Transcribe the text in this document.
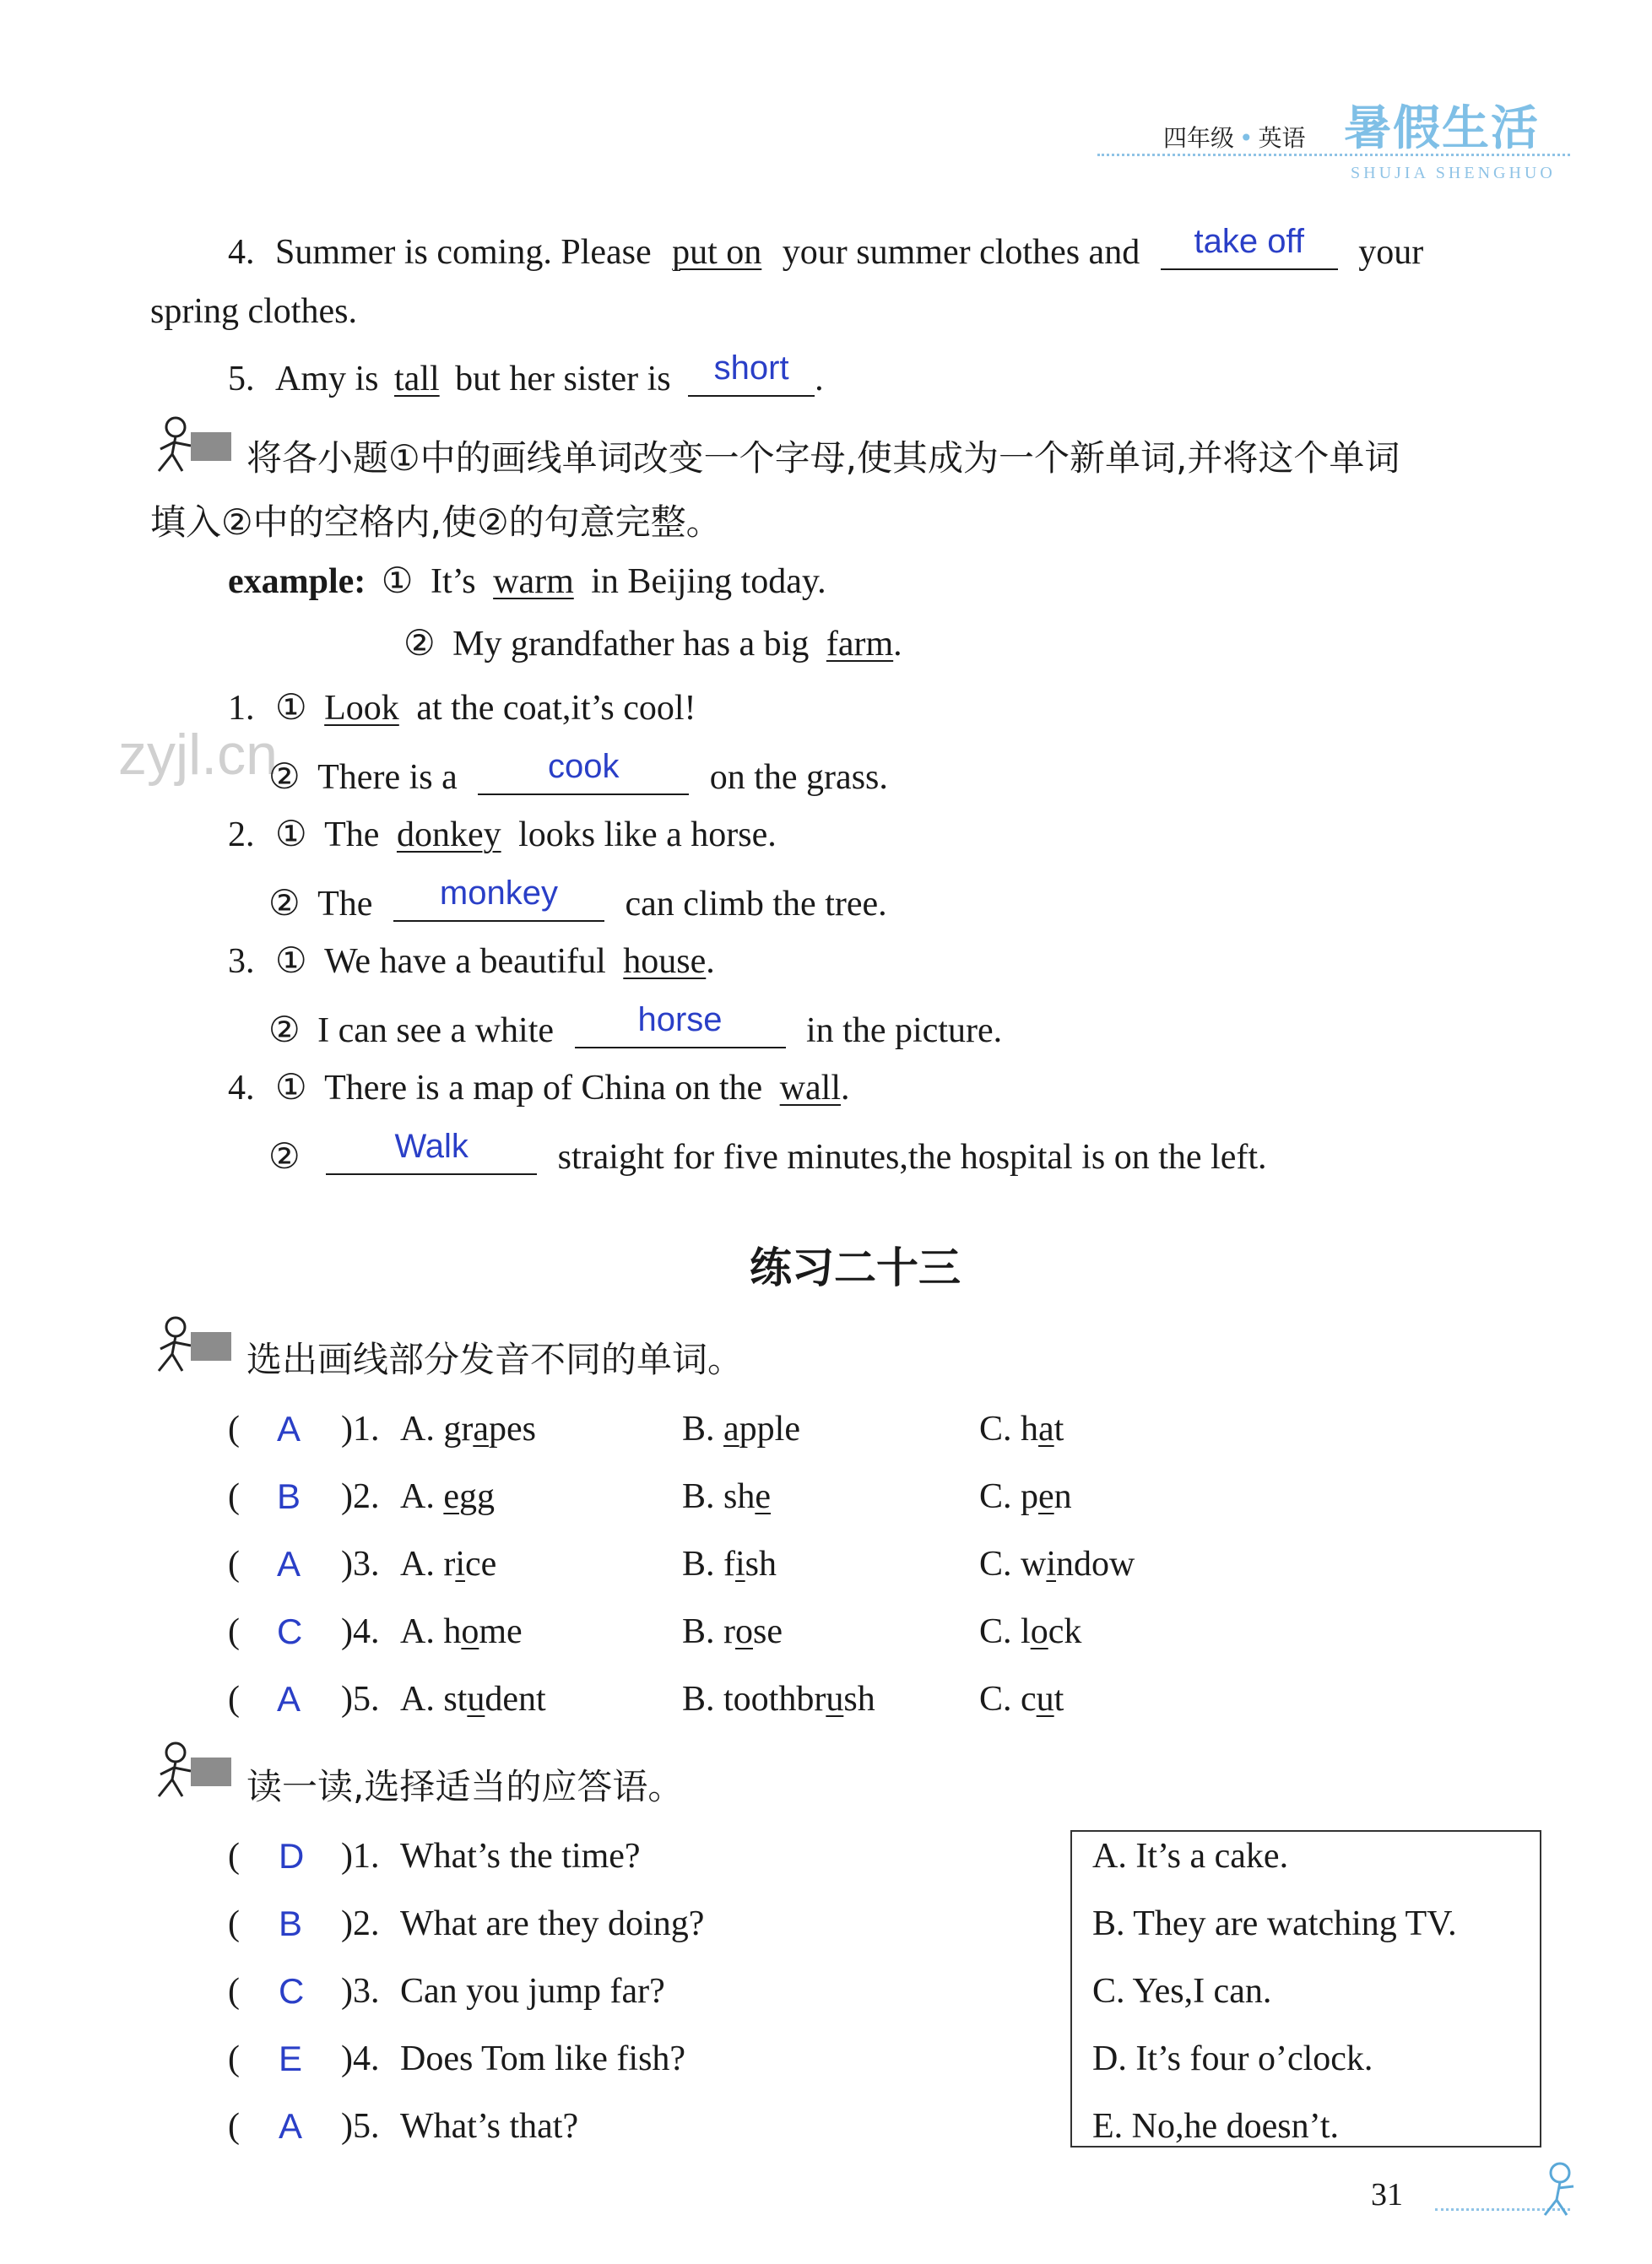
四年级 • 英语 暑假生活
SHUJIA SHENGHUO
4. Summer is coming. Please put on your summer clothes and	take off	your
spring clothes.
5. Amy is tall but her sister is	short .
将各小题①中的画线单词改变一个字母,使其成为一个新单词,并将这个单词
填入②中的空格内,使②的句意完整。
example: ① It’s warm in Beijing today.
② My grandfather has a big farm.
zyjl.cn
1. ① Look at the coat,it’s cool!
② There is a	cook	on the grass.
2. ① The donkey looks like a horse.
② The	monkey	can climb the tree.
3. ① We have a beautiful house.
② I can see a white	horse	in the picture.
4. ① There is a map of China on the wall.
②	Walk	straight for five minutes,the hospital is on the left.
练习二十三
选出画线部分发音不同的单词。
( A )1. A. grapes	B. apple	C. hat
( B )2. A. egg	B. she	C. pen
( A )3. A. rice	B. fish	C. window
( C )4. A. home	B. rose	C. lock
( A )5. A. student	B. toothbrush	C. cut
读一读,选择适当的应答语。
( D )1. What’s the time?
( B )2. What are they doing?
( C )3. Can you jump far?
( E )4. Does Tom like fish?
( A )5. What’s that?
A. It’s a cake.
B. They are watching TV.
C. Yes,I can.
D. It’s four o’clock.
E. No,he doesn’t.
31
